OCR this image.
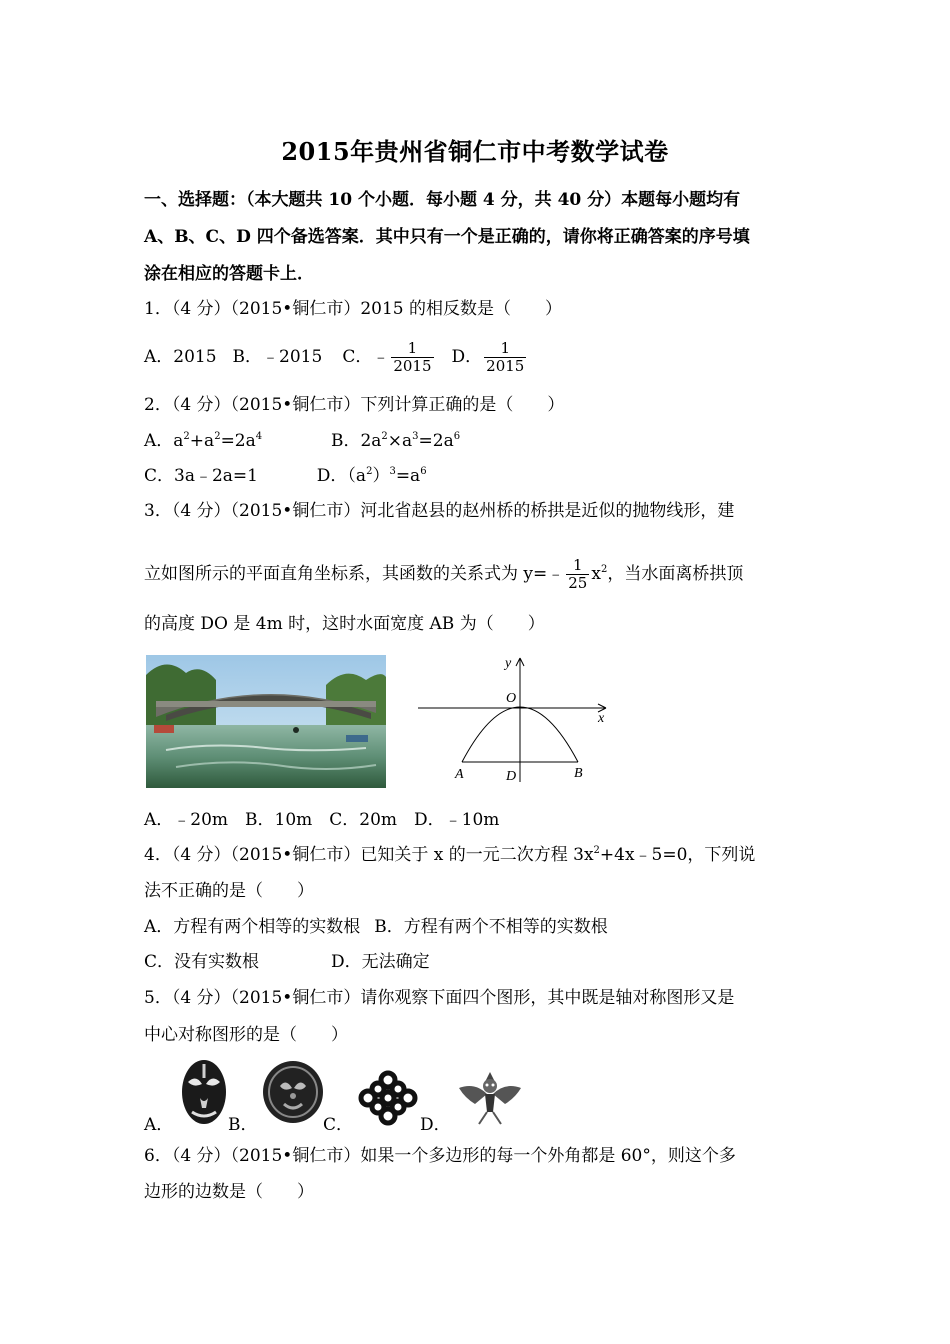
2015年贵州省铜仁市中考数学试卷
一、选择题：（本大题共 10 个小题．每小题 4 分，共 40 分）本题每小题均有
A、B、C、D 四个备选答案．其中只有一个是正确的，请你将正确答案的序号填
涂在相应的答题卡上．
1．（4 分）（2015•铜仁市）2015 的相反数是（　　）
A．2015 B．﹣2015 C．﹣ $\frac{1}{2015}$ D． $\frac{1}{2015}$
2．（4 分）（2015•铜仁市）下列计算正确的是（　　）
A．$a^2+a^2=2a^4$	B．$2a^2\times a^3=2a^6$
C．3a﹣2a=1	D．$(a^2)^3=a^6$
3．（4 分）（2015•铜仁市）河北省赵县的赵州桥的桥拱是近似的抛物线形，建
立如图所示的平面直角坐标系，其函数的关系式为 y=﹣ $\frac{1}{25} x^2$，当水面离桥拱顶
的高度 DO 是 4m 时，这时水面宽度 AB 为（　　）
y
x
O
A	D	B
A．﹣20m　B．10m　C．20m　D．﹣10m
4．（4 分）（2015•铜仁市）已知关于 x 的一元二次方程 $3x^2+4x﹣5=0$，下列说
法不正确的是（　　）
A．方程有两个相等的实数根 B．方程有两个不相等的实数根
C．没有实数根	D．无法确定
5．（4 分）（2015•铜仁市）请你观察下面四个图形，其中既是轴对称图形又是
中心对称图形的是（　　）
A．	B．	C．	D．
6．（4 分）（2015•铜仁市）如果一个多边形的每一个外角都是 60°，则这个多
边形的边数是（　　）
